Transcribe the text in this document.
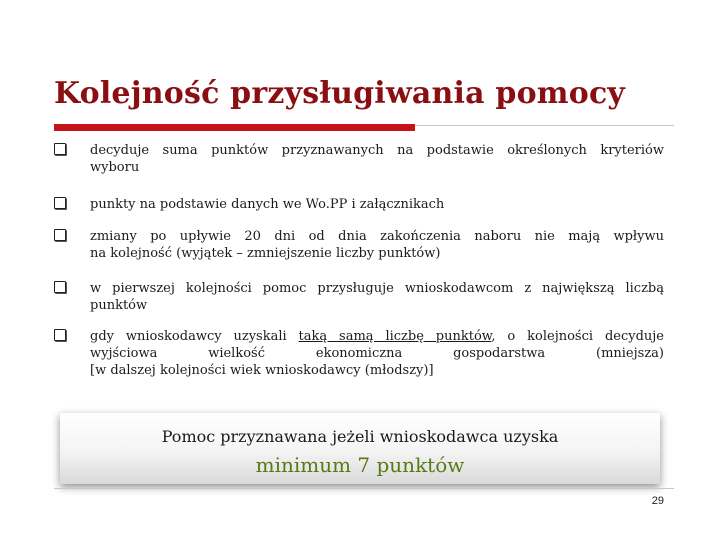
Kolejność przysługiwania pomocy
decyduje suma punktów przyznawanych na podstawie określonych kryteriów
wyboru
punkty na podstawie danych we Wo.PP i załącznikach
zmiany po upływie 20 dni od dnia zakończenia naboru nie mają wpływu
na kolejność (wyjątek – zmniejszenie liczby punktów)
w pierwszej kolejności pomoc przysługuje wnioskodawcom z największą liczbą
punktów
gdy wnioskodawcy uzyskali taką samą liczbę punktów, o kolejności decyduje
wyjściowa wielkość ekonomiczna gospodarstwa (mniejsza)
[w dalszej kolejności wiek wnioskodawcy (młodszy)]
Pomoc przyznawana jeżeli wnioskodawca uzyska
minimum 7 punktów
29
